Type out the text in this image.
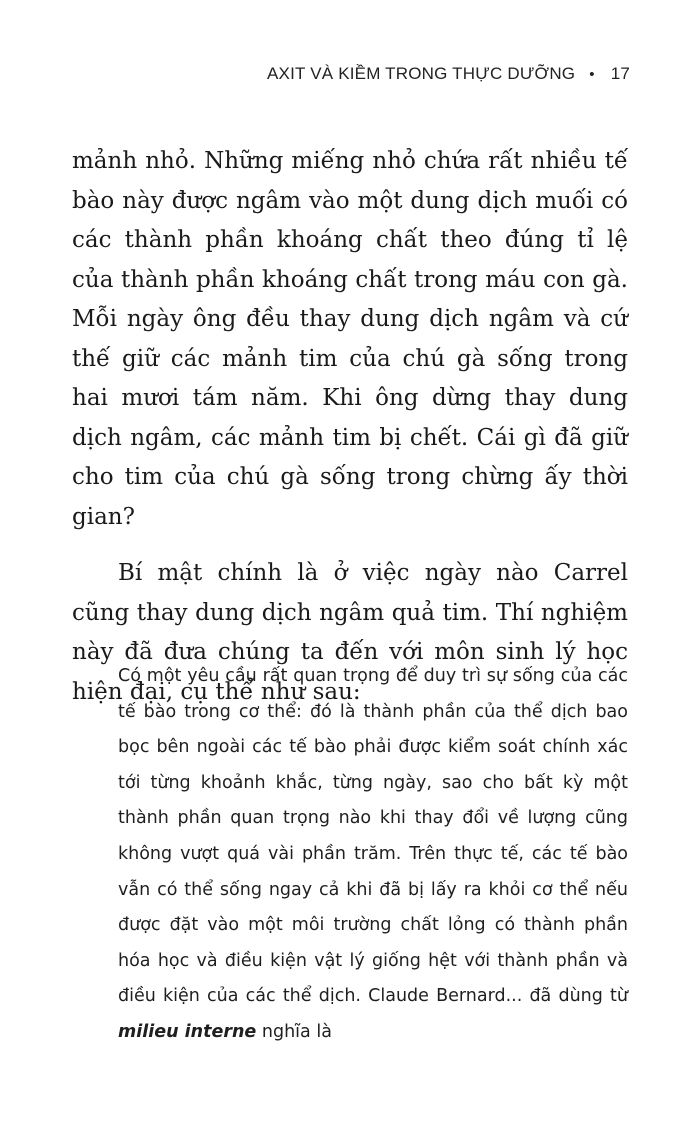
AXIT VÀ KIỀM TRONG THỰC DƯỠNG • 17

mảnh nhỏ. Những miếng nhỏ chứa rất nhiều tế bào này được ngâm vào một dung dịch muối có các thành phần khoáng chất theo đúng tỉ lệ của thành phần khoáng chất trong máu con gà. Mỗi ngày ông đều thay dung dịch ngâm và cứ thế giữ các mảnh tim của chú gà sống trong hai mươi tám năm. Khi ông dừng thay dung dịch ngâm, các mảnh tim bị chết. Cái gì đã giữ cho tim của chú gà sống trong chừng ấy thời gian?

Bí mật chính là ở việc ngày nào Carrel cũng thay dung dịch ngâm quả tim. Thí nghiệm này đã đưa chúng ta đến với môn sinh lý học hiện đại, cụ thể như sau:

Có một yêu cầu rất quan trọng để duy trì sự sống của các tế bào trong cơ thể: đó là thành phần của thể dịch bao bọc bên ngoài các tế bào phải được kiểm soát chính xác tới từng khoảnh khắc, từng ngày, sao cho bất kỳ một thành phần quan trọng nào khi thay đổi về lượng cũng không vượt quá vài phần trăm. Trên thực tế, các tế bào vẫn có thể sống ngay cả khi đã bị lấy ra khỏi cơ thể nếu được đặt vào một môi trường chất lỏng có thành phần hóa học và điều kiện vật lý giống hệt với thành phần và điều kiện của các thể dịch. Claude Bernard... đã dùng từ milieu interne nghĩa là
